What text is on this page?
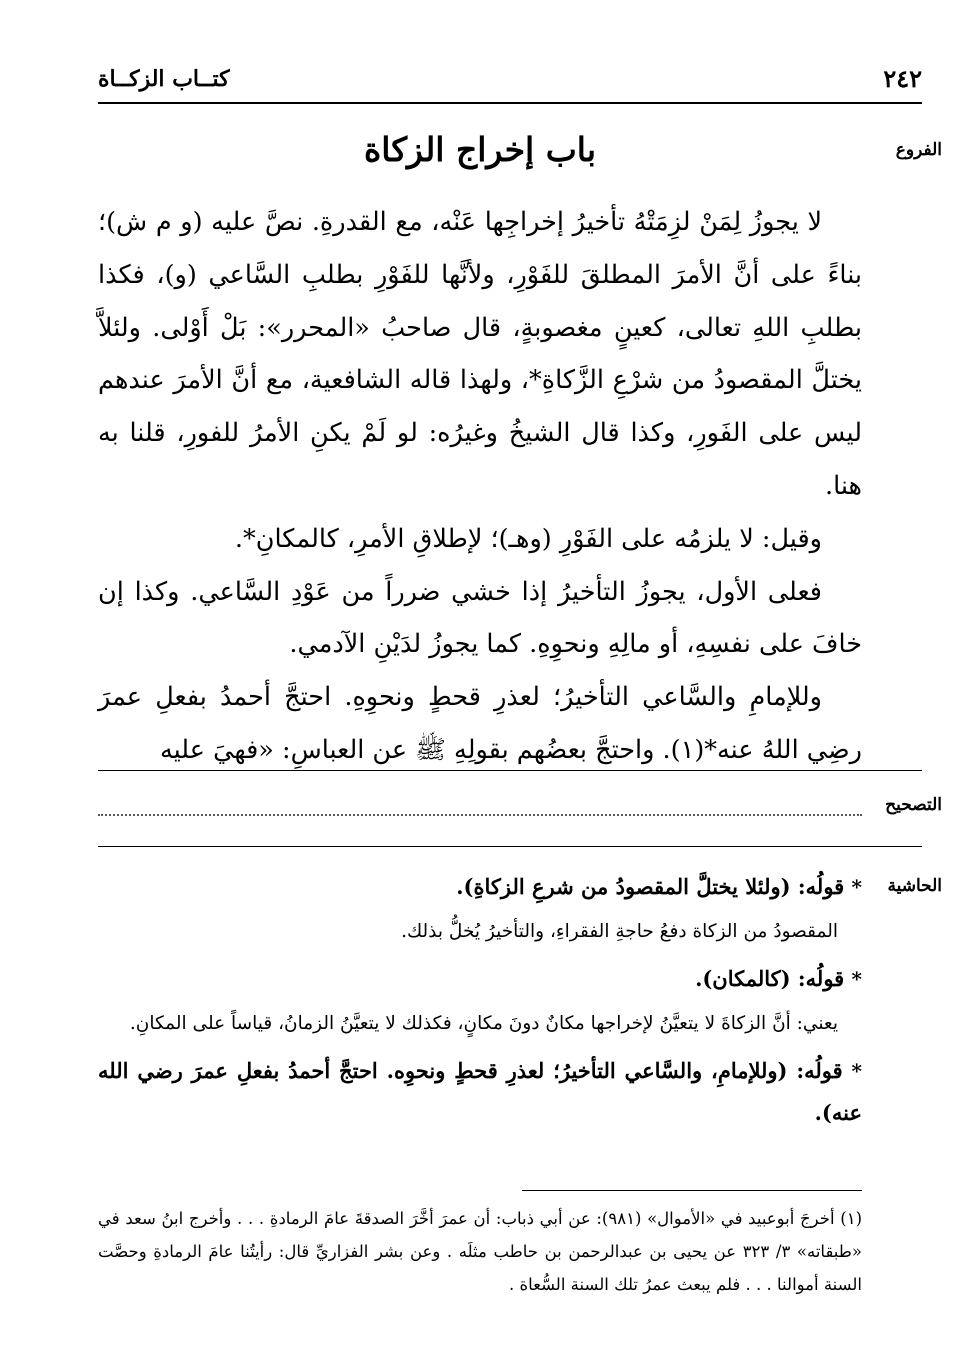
كتــاب الزكــاة	٢٤٢
الفروع
باب إخراج الزكاة

لا يجوزُ لِمَنْ لزِمَتْهُ تأخيرُ إخراجِها عَنْه، مع القدرةِ. نصَّ عليه (و م ش)؛ بناءً على أنَّ الأمرَ المطلقَ للفَوْرِ، ولأنَّها للفَوْرِ بطلبِ السَّاعي (و)، فكذا بطلبِ اللهِ تعالى، كعينٍ مغصوبةٍ، قال صاحبُ «المحرر»: بَلْ أَوْلى. ولئلاَّ يختلَّ المقصودُ من شرْعِ الزَّكاةِ*، ولهذا قاله الشافعية، مع أنَّ الأمرَ عندهم ليس على الفَورِ، وكذا قال الشيخُ وغيرُه: لو لَمْ يكنِ الأمرُ للفورِ، قلنا به هنا.

وقيل: لا يلزمُه على الفَوْرِ (وهـ)؛ لإطلاقِ الأمرِ، كالمكانِ*.

فعلى الأول، يجوزُ التأخيرُ إذا خشي ضرراً من عَوْدِ السَّاعي. وكذا إن خافَ على نفسِهِ، أو مالِهِ ونحوِهِ. كما يجوزُ لدَيْنِ الآدمي.

وللإمامِ والسَّاعي التأخيرُ؛ لعذرِ قحطٍ ونحوِهِ. احتجَّ أحمدُ بفعلِ عمرَ رضِي اللهُ عنه*(١). واحتجَّ بعضُهم بقولِهِ ﷺ عن العباسِ: «فهيَ عليه

التصحيح
الحاشية

* قولُه: (ولئلا يختلَّ المقصودُ من شرعِ الزكاةِ).

المقصودُ من الزكاة دفعُ حاجةِ الفقراءِ، والتأخيرُ يُخلُّ بذلك.

* قولُه: (كالمكان).

يعني: أنَّ الزكاةَ لا يتعيَّنُ لإخراجها مكانٌ دونَ مكانٍ، فكذلك لا يتعيَّنُ الزمانُ، قياساً على المكانِ.

* قولُه: (وللإمامِ، والسَّاعي التأخيرُ؛ لعذرِ قحطٍ ونحوِه. احتجَّ أحمدُ بفعلِ عمرَ رضي الله عنه).

(١) أخرجَ أبوعبيد في «الأموال» (٩٨١): عن أبي ذباب: أن عمرَ أخَّرَ الصدقةَ عامَ الرمادةِ . . . وأخرج ابنُ سعد في «طبقاته» ٣/ ٣٢٣ عن يحيى بن عبدالرحمن بن حاطب مثلَه . وعن بشر الفزاريِّ قال: رأيتُنا عامَ الرمادةِ وحصَّت السنة أموالنا . . . فلم يبعث عمرُ تلك السنة السُّعاة .
